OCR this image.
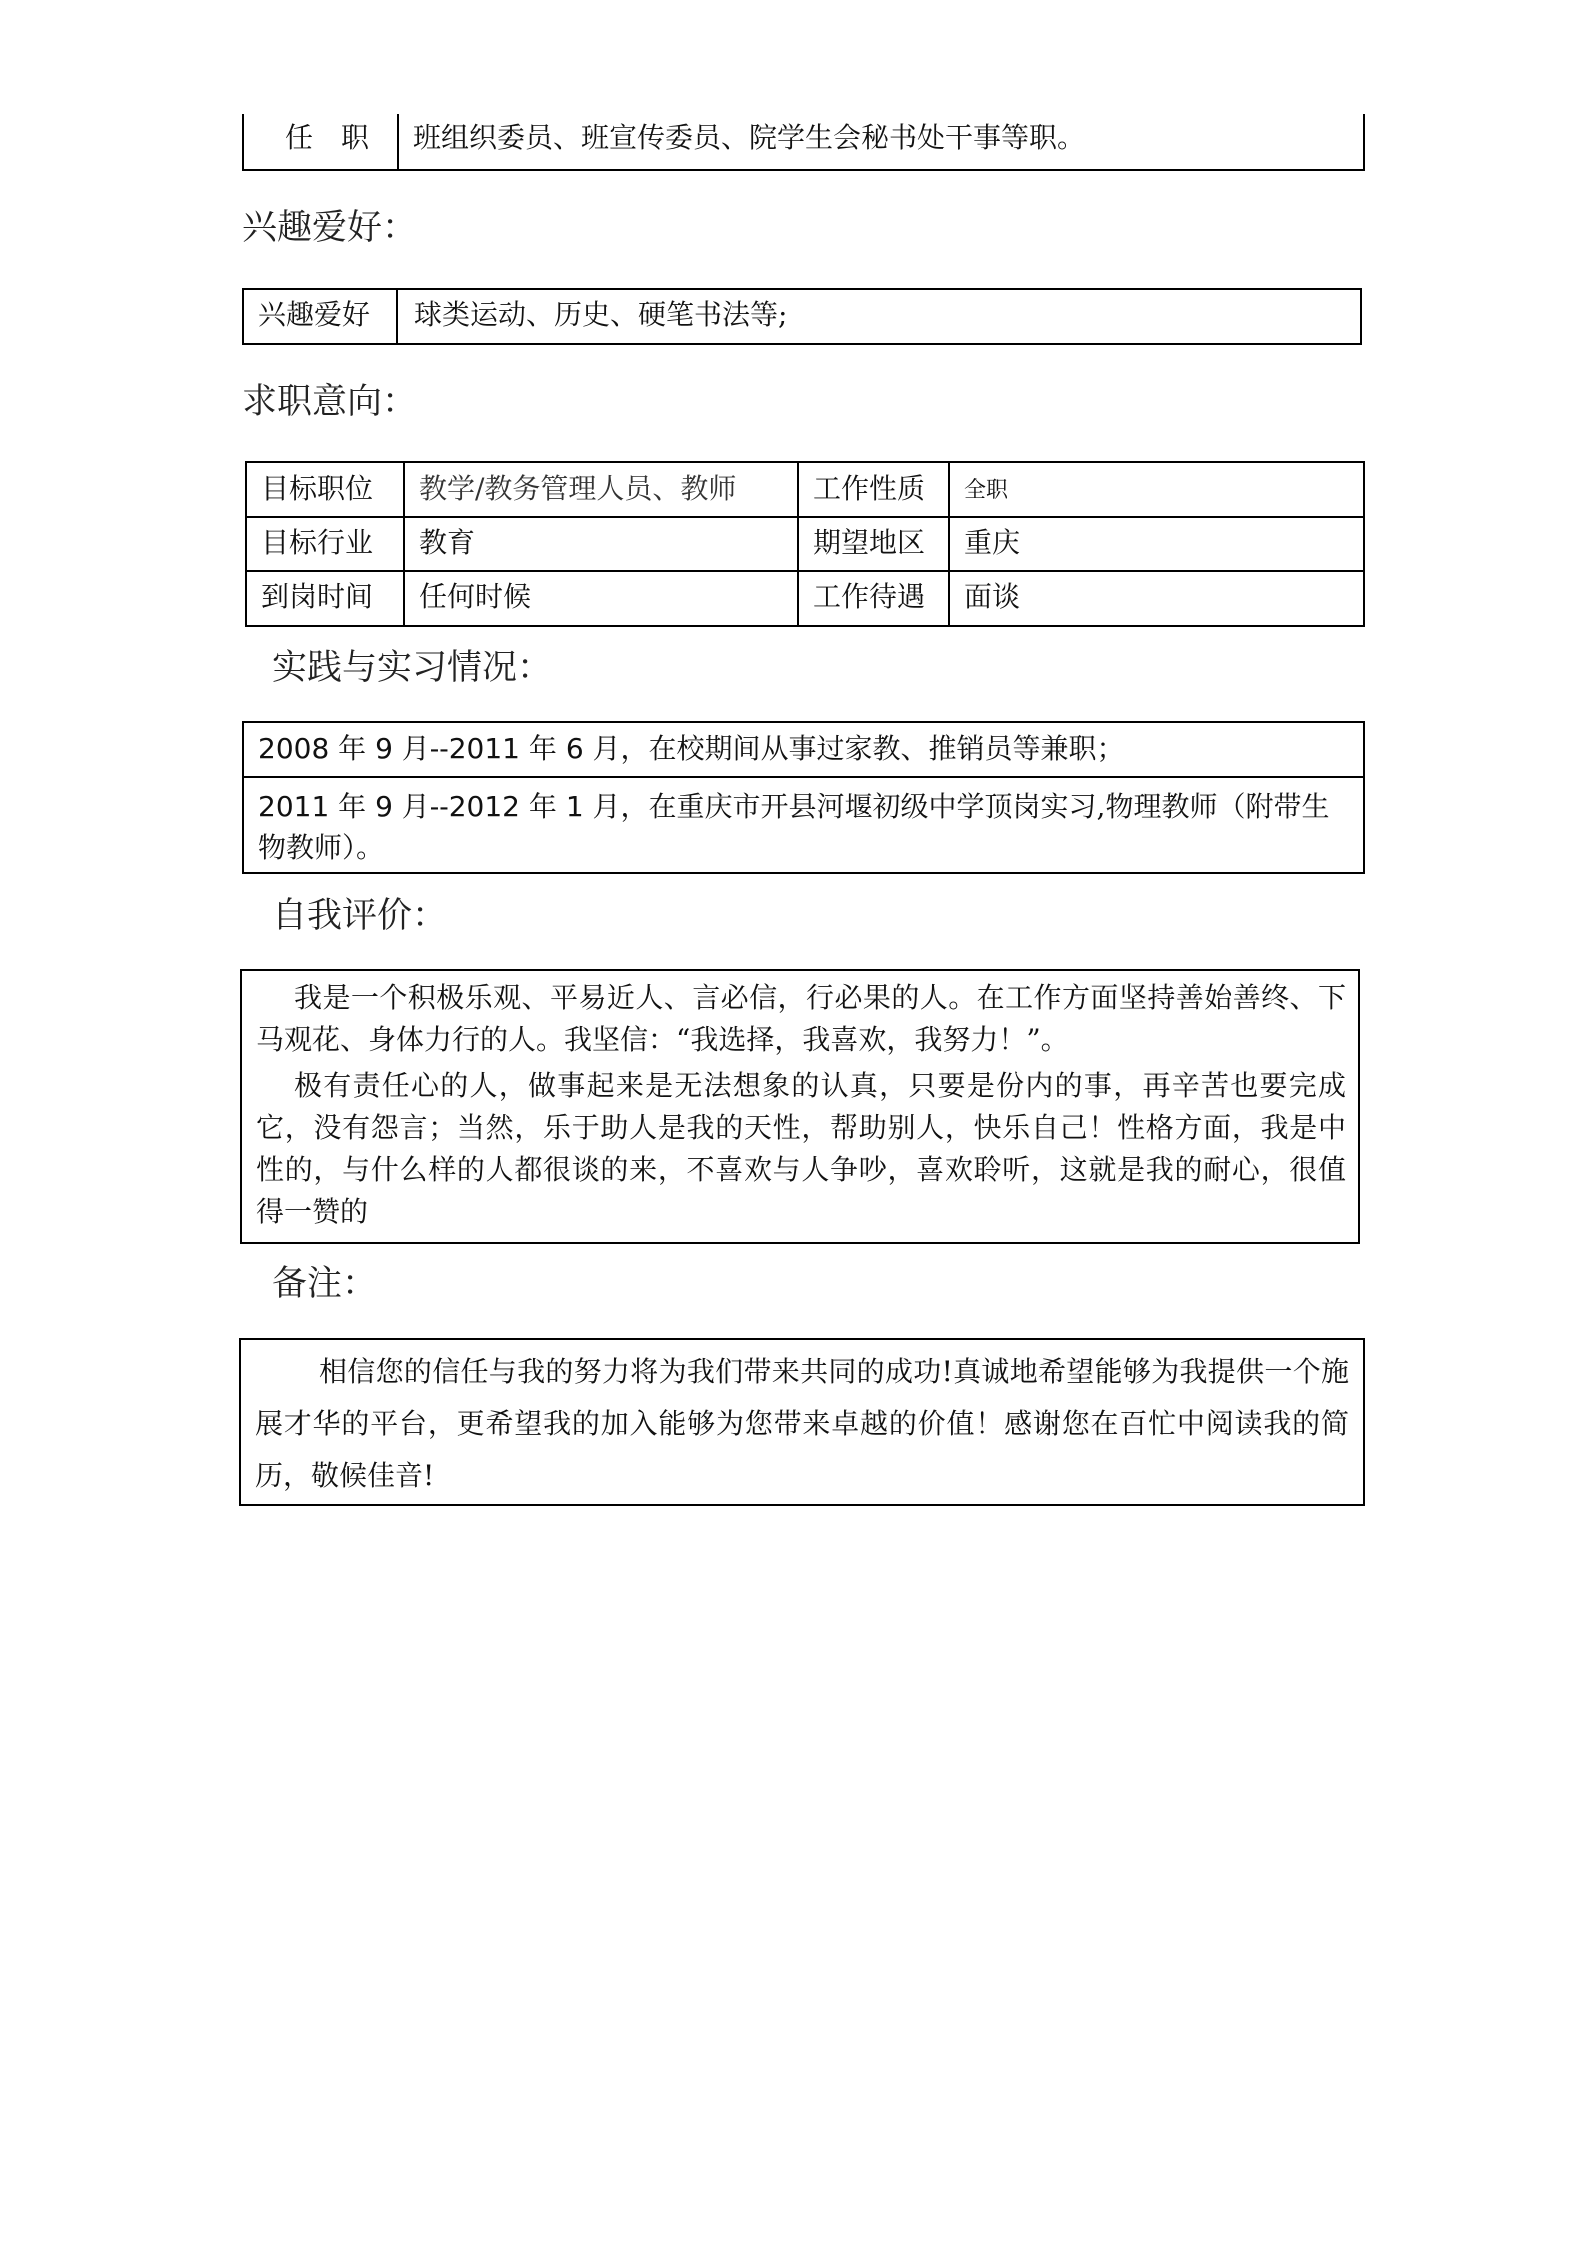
任　职 班组织委员、班宣传委员、院学生会秘书处干事等职。
兴趣爱好：
兴趣爱好 球类运动、历史、硬笔书法等;
求职意向：
目标职位 教学/教务管理人员、教师	工作性质 全职
目标行业 教育	期望地区 重庆
到岗时间 任何时候	工作待遇 面谈
实践与实习情况：
2008 年 9 月--2011 年 6 月，在校期间从事过家教、推销员等兼职；
2011 年 9 月--2012 年 1 月，在重庆市开县河堰初级中学顶岗实习,物理教师（附带生物教师）。
自我评价：
我是一个积极乐观、平易近人、言必信，行必果的人。在工作方面坚持善始善终、下马观花、身体力行的人。我坚信：“我选择，我喜欢，我努力！”。
极有责任心的人，做事起来是无法想象的认真，只要是份内的事，再辛苦也要完成它，没有怨言；当然，乐于助人是我的天性，帮助别人，快乐自己！性格方面，我是中性的，与什么样的人都很谈的来，不喜欢与人争吵，喜欢聆听，这就是我的耐心，很值得一赞的
备注：
相信您的信任与我的努力将为我们带来共同的成功!真诚地希望能够为我提供一个施展才华的平台，更希望我的加入能够为您带来卓越的价值！感谢您在百忙中阅读我的简历，敬候佳音!
